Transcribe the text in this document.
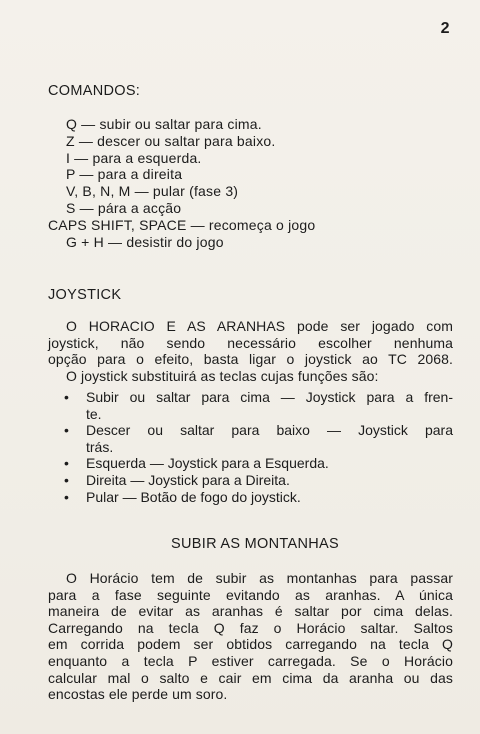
2
COMANDOS:
Q — subir ou saltar para cima.
Z — descer ou saltar para baixo.
I — para a esquerda.
P — para a direita
V, B, N, M — pular (fase 3)
S — pára a acção
CAPS SHIFT, SPACE — recomeça o jogo
G + H — desistir do jogo
JOYSTICK
O HORACIO E AS ARANHAS pode ser jogado com
joystick, não sendo necessário escolher nenhuma
opção para o efeito, basta ligar o joystick ao TC 2068.
O joystick substituirá as teclas cujas funções são:
•	Subir ou saltar para cima — Joystick para a fren-
te.
•	Descer ou saltar para baixo — Joystick para
trás.
•	Esquerda — Joystick para a Esquerda.
•	Direita — Joystick para a Direita.
•	Pular — Botão de fogo do joystick.
SUBIR AS MONTANHAS
O Horácio tem de subir as montanhas para passar
para a fase seguinte evitando as aranhas. A única
maneira de evitar as aranhas é saltar por cima delas.
Carregando na tecla Q faz o Horácio saltar. Saltos
em corrida podem ser obtidos carregando na tecla Q
enquanto a tecla P estiver carregada. Se o Horácio
calcular mal o salto e cair em cima da aranha ou das
encostas ele perde um soro.
